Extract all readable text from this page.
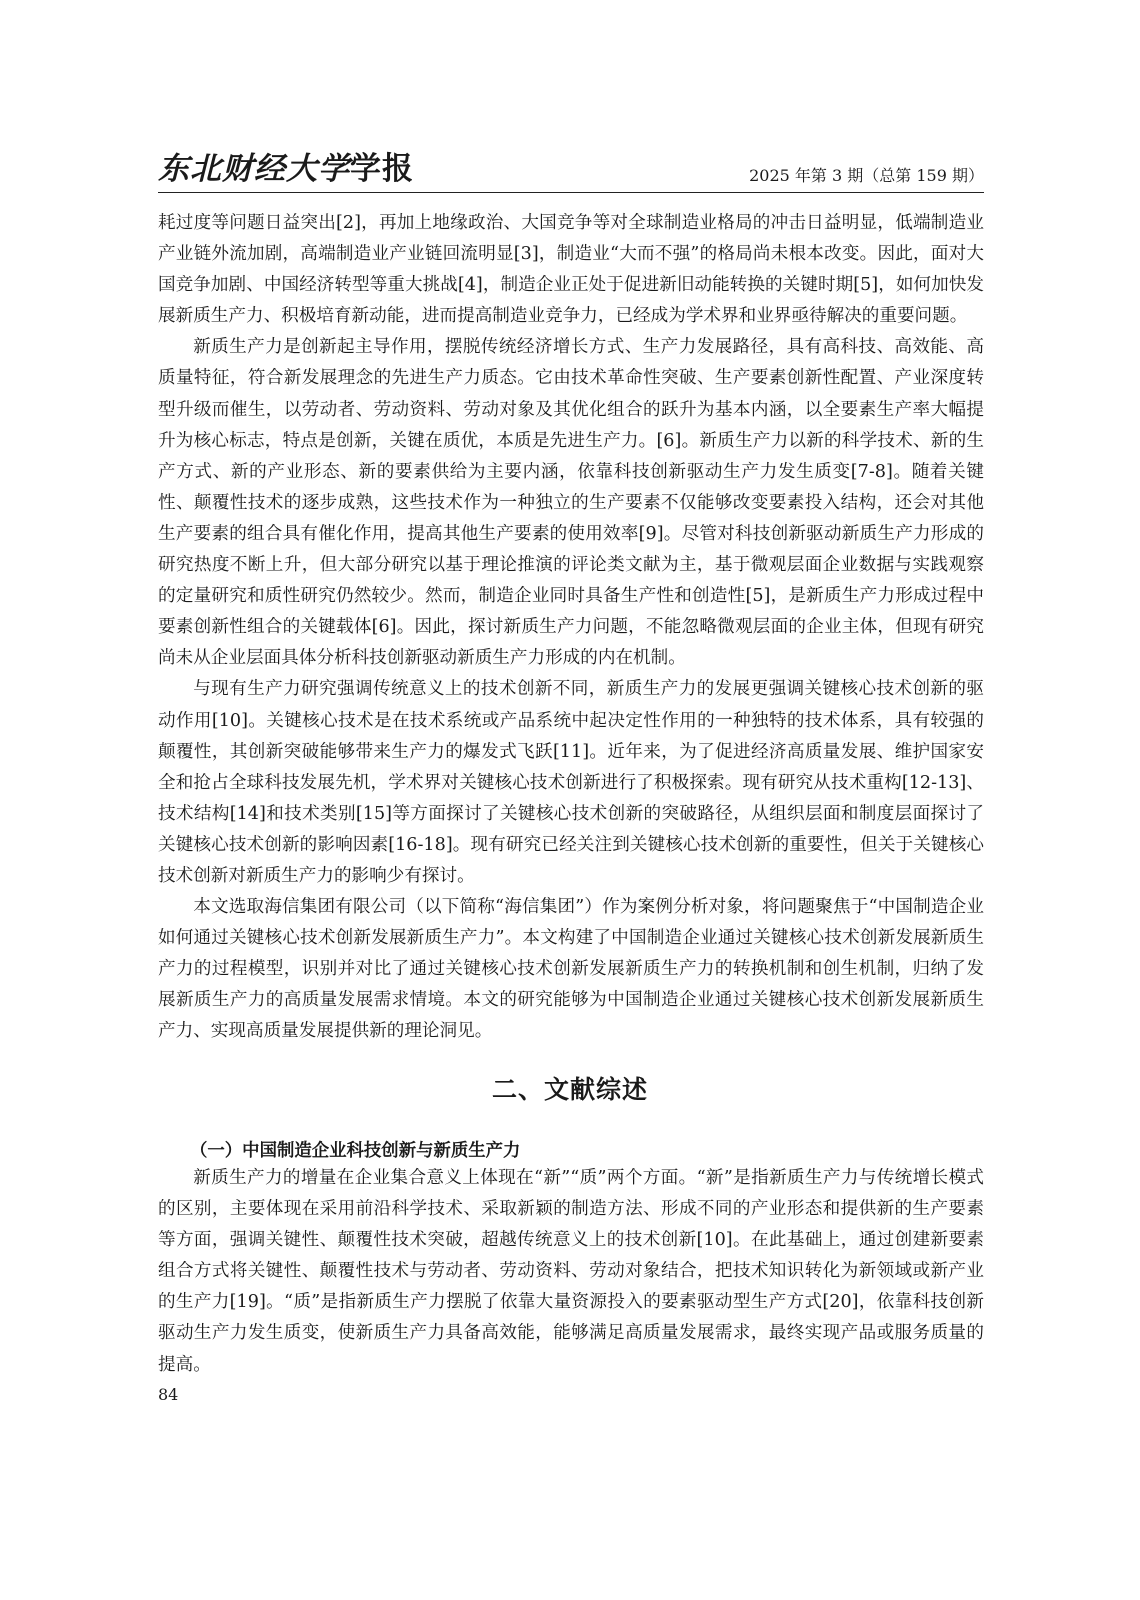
东北财经大学学报	2025 年第 3 期（总第 159 期）

耗过度等问题日益突出[2]，再加上地缘政治、大国竞争等对全球制造业格局的冲击日益明显，低端制造业产业链外流加剧，高端制造业产业链回流明显[3]，制造业“大而不强”的格局尚未根本改变。因此，面对大国竞争加剧、中国经济转型等重大挑战[4]，制造企业正处于促进新旧动能转换的关键时期[5]，如何加快发展新质生产力、积极培育新动能，进而提高制造业竞争力，已经成为学术界和业界亟待解决的重要问题。

新质生产力是创新起主导作用，摆脱传统经济增长方式、生产力发展路径，具有高科技、高效能、高质量特征，符合新发展理念的先进生产力质态。它由技术革命性突破、生产要素创新性配置、产业深度转型升级而催生，以劳动者、劳动资料、劳动对象及其优化组合的跃升为基本内涵，以全要素生产率大幅提升为核心标志，特点是创新，关键在质优，本质是先进生产力。[6]。新质生产力以新的科学技术、新的生产方式、新的产业形态、新的要素供给为主要内涵，依靠科技创新驱动生产力发生质变[7-8]。随着关键性、颠覆性技术的逐步成熟，这些技术作为一种独立的生产要素不仅能够改变要素投入结构，还会对其他生产要素的组合具有催化作用，提高其他生产要素的使用效率[9]。尽管对科技创新驱动新质生产力形成的研究热度不断上升，但大部分研究以基于理论推演的评论类文献为主，基于微观层面企业数据与实践观察的定量研究和质性研究仍然较少。然而，制造企业同时具备生产性和创造性[5]，是新质生产力形成过程中要素创新性组合的关键载体[6]。因此，探讨新质生产力问题，不能忽略微观层面的企业主体，但现有研究尚未从企业层面具体分析科技创新驱动新质生产力形成的内在机制。

与现有生产力研究强调传统意义上的技术创新不同，新质生产力的发展更强调关键核心技术创新的驱动作用[10]。关键核心技术是在技术系统或产品系统中起决定性作用的一种独特的技术体系，具有较强的颠覆性，其创新突破能够带来生产力的爆发式飞跃[11]。近年来，为了促进经济高质量发展、维护国家安全和抢占全球科技发展先机，学术界对关键核心技术创新进行了积极探索。现有研究从技术重构[12-13]、技术结构[14]和技术类别[15]等方面探讨了关键核心技术创新的突破路径，从组织层面和制度层面探讨了关键核心技术创新的影响因素[16-18]。现有研究已经关注到关键核心技术创新的重要性，但关于关键核心技术创新对新质生产力的影响少有探讨。

本文选取海信集团有限公司（以下简称“海信集团”）作为案例分析对象，将问题聚焦于“中国制造企业如何通过关键核心技术创新发展新质生产力”。本文构建了中国制造企业通过关键核心技术创新发展新质生产力的过程模型，识别并对比了通过关键核心技术创新发展新质生产力的转换机制和创生机制，归纳了发展新质生产力的高质量发展需求情境。本文的研究能够为中国制造企业通过关键核心技术创新发展新质生产力、实现高质量发展提供新的理论洞见。

二、文献综述
（一）中国制造企业科技创新与新质生产力

新质生产力的增量在企业集合意义上体现在“新”“质”两个方面。“新”是指新质生产力与传统增长模式的区别，主要体现在采用前沿科学技术、采取新颖的制造方法、形成不同的产业形态和提供新的生产要素等方面，强调关键性、颠覆性技术突破，超越传统意义上的技术创新[10]。在此基础上，通过创建新要素组合方式将关键性、颠覆性技术与劳动者、劳动资料、劳动对象结合，把技术知识转化为新领域或新产业的生产力[19]。“质”是指新质生产力摆脱了依靠大量资源投入的要素驱动型生产方式[20]，依靠科技创新驱动生产力发生质变，使新质生产力具备高效能，能够满足高质量发展需求，最终实现产品或服务质量的提高。

84
